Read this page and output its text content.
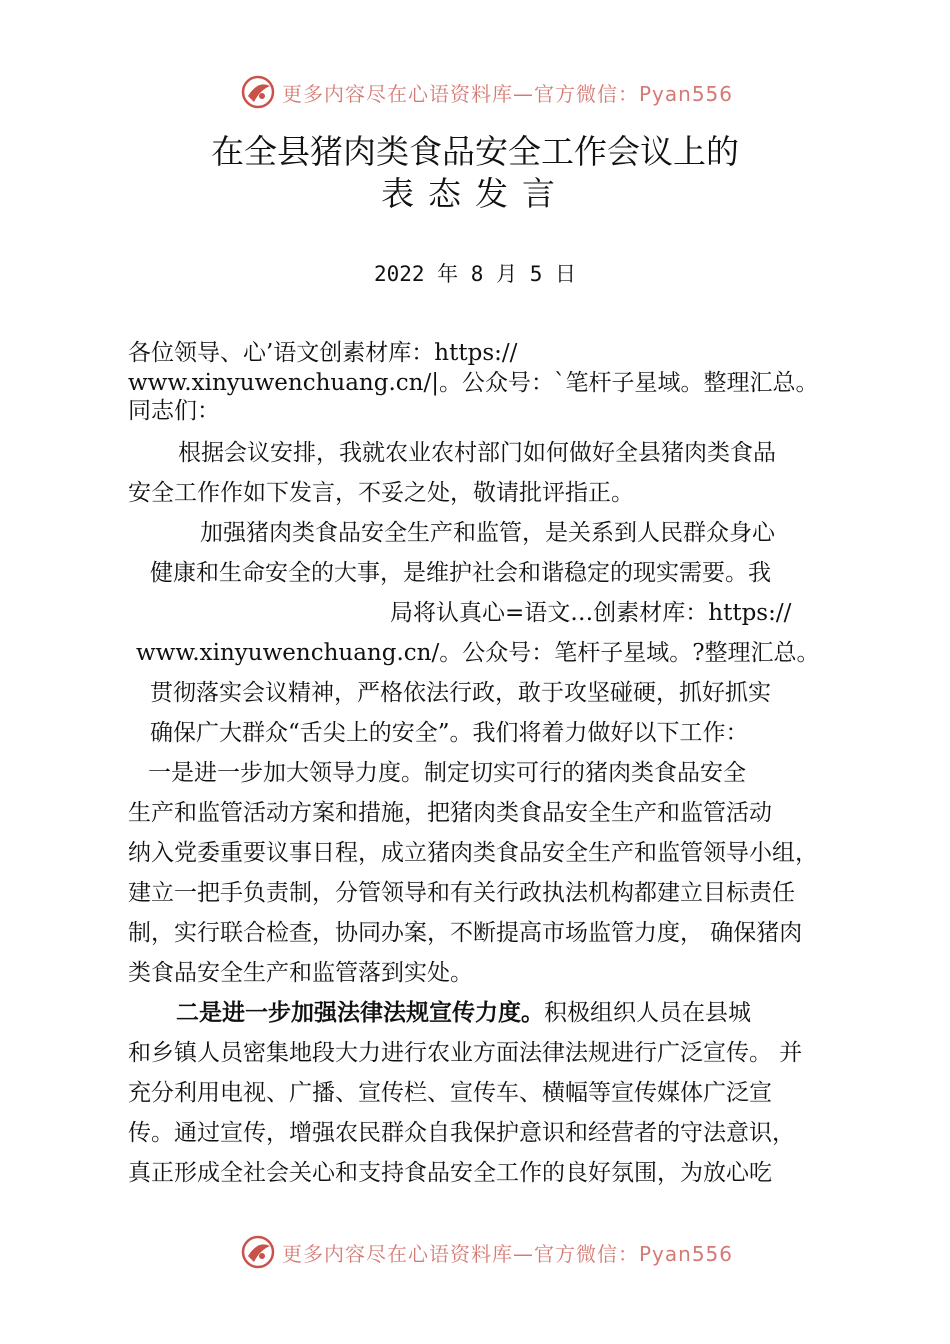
更多内容尽在心语资料库—官方微信：Pyan556
在全县猪肉类食品安全工作会议上的
表态发言
2022 年 8 月 5 日
各位领导、心’语文创素材库：https://
www.xinyuwenchuang.cn/|。公众号：`笔杆子星域。整理汇总。
同志们：
根据会议安排，我就农业农村部门如何做好全县猪肉类食品
安全工作作如下发言，不妥之处，敬请批评指正。
加强猪肉类食品安全生产和监管，是关系到人民群众身心
健康和生命安全的大事，是维护社会和谐稳定的现实需要。我
局将认真心=语文…创素材库：https://
www.xinyuwenchuang.cn/。公众号：笔杆子星域。?整理汇总。
贯彻落实会议精神，严格依法行政，敢于攻坚碰硬，抓好抓实
确保广大群众“舌尖上的安全”。我们将着力做好以下工作：
一是进一步加大领导力度。制定切实可行的猪肉类食品安全
生产和监管活动方案和措施，把猪肉类食品安全生产和监管活动
纳入党委重要议事日程，成立猪肉类食品安全生产和监管领导小组，
建立一把手负责制，分管领导和有关行政执法机构都建立目标责任
制，实行联合检查，协同办案，不断提高市场监管力度， 确保猪肉
类食品安全生产和监管落到实处。
二是进一步加强法律法规宣传力度。积极组织人员在县城
和乡镇人员密集地段大力进行农业方面法律法规进行广泛宣传。 并
充分利用电视、广播、宣传栏、宣传车、横幅等宣传媒体广泛宣
传。通过宣传，增强农民群众自我保护意识和经营者的守法意识，
真正形成全社会关心和支持食品安全工作的良好氛围，为放心吃
更多内容尽在心语资料库—官方微信：Pyan556
